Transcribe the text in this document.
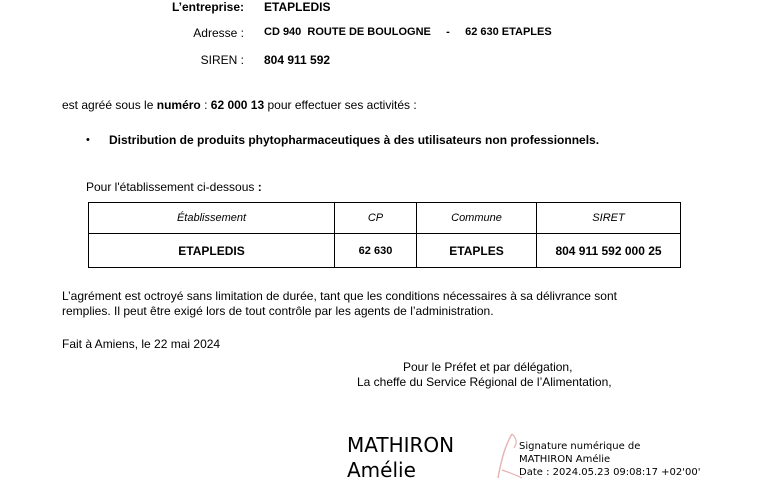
L’entreprise: ETAPLEDIS
Adresse : CD 940  ROUTE DE BOULOGNE     -     62 630 ETAPLES
SIREN : 804 911 592
est agréé sous le numéro : 62 000 13 pour effectuer ses activités :
• Distribution de produits phytopharmaceutiques à des utilisateurs non professionnels.
Pour l'établissement ci-dessous :
Établissement	CP	Commune	SIRET
ETAPLEDIS	62 630	ETAPLES	804 911 592 000 25
L’agrément est octroyé sans limitation de durée, tant que les conditions nécessaires à sa délivrance sont
remplies. Il peut être exigé lors de tout contrôle par les agents de l’administration.
Fait à Amiens, le 22 mai 2024
Pour le Préfet et par délégation,
La cheffe du Service Régional de l’Alimentation,
MATHIRON
Amélie
Signature numérique de
MATHIRON Amélie
Date : 2024.05.23 09:08:17 +02'00'
